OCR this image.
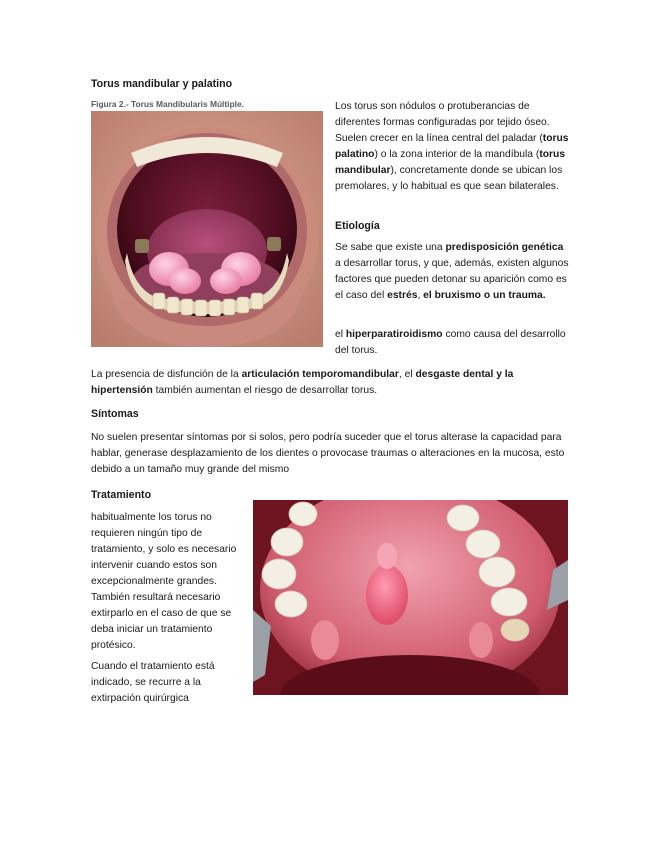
Torus mandibular y palatino

Figura 2.- Torus Mandibularis Múltiple.	Los torus son nódulos o protuberancias de diferentes formas configuradas por tejido óseo. Suelen crecer en la línea central del paladar (torus palatino) o la zona interior de la mandíbula (torus mandibular), concretamente donde se ubican los premolares, y lo habitual es que sean bilaterales.

Etiología

Se sabe que existe una predisposición genética a desarrollar torus, y que, además, existen algunos factores que pueden detonar su aparición como es el caso del estrés, el bruxismo o un trauma.

el hiperparatiroidismo como causa del desarrollo del torus.

La presencia de disfunción de la articulación temporomandibular, el desgaste dental y la hipertensión también aumentan el riesgo de desarrollar torus.

Síntomas

No suelen presentar síntomas por si solos, pero podría suceder que el torus alterase la capacidad para hablar, generase desplazamiento de los dientes o provocase traumas o alteraciones en la mucosa, esto debido a un tamaño muy grande del mismo

Tratamiento

habitualmente los torus no requieren ningún tipo de tratamiento, y solo es necesario intervenir cuando estos son excepcionalmente grandes. También resultará necesario extirparlo en el caso de que se deba iniciar un tratamiento protésico.

Cuando el tratamiento está indicado, se recurre a la extirpación quirúrgica
